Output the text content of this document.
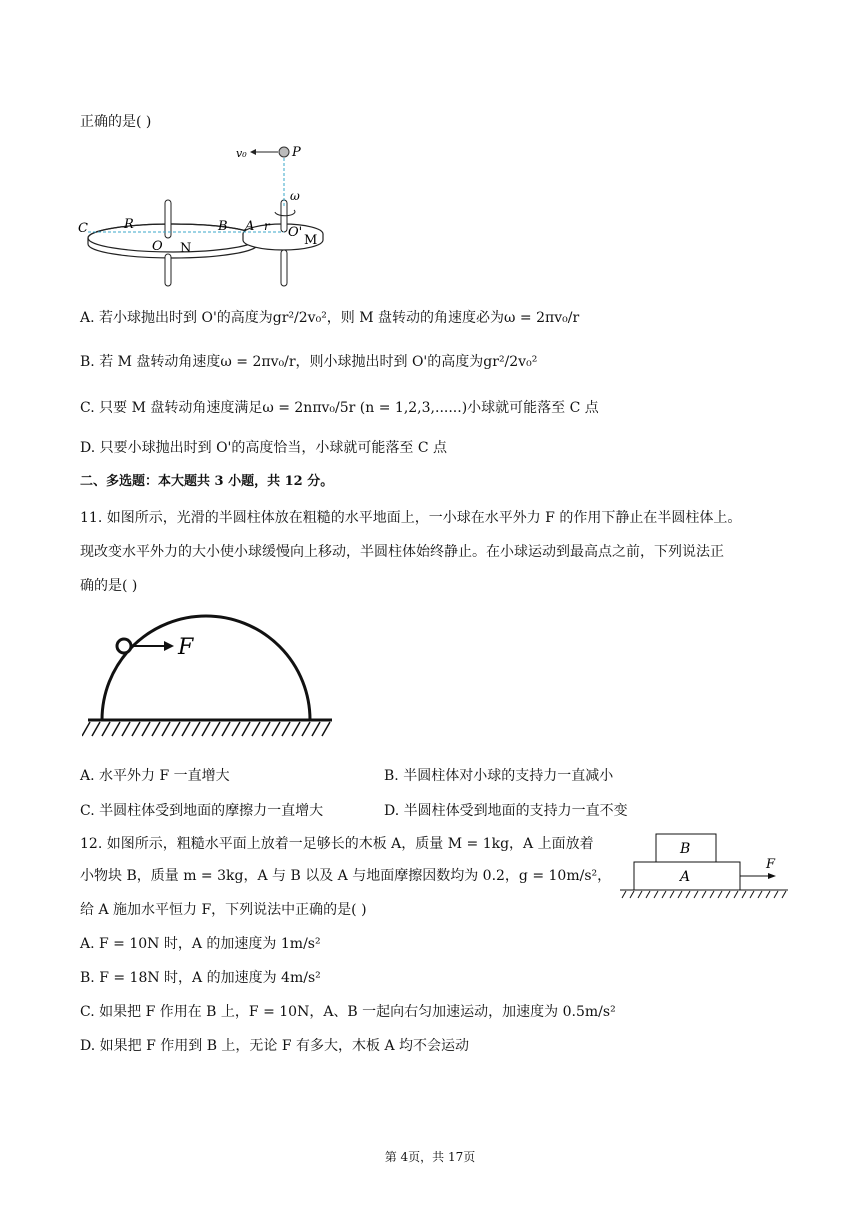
正确的是( )
v₀	P
ω
C	R	B A r
O N
O'
M
A. 若小球抛出时到 O'的高度为gr²/2v₀²，则 M 盘转动的角速度必为ω = 2πv₀/r
B. 若 M 盘转动角速度ω = 2πv₀/r，则小球抛出时到 O'的高度为gr²/2v₀²
C. 只要 M 盘转动角速度满足ω = 2nπv₀/5r (n = 1,2,3,......)小球就可能落至 C 点
D. 只要小球抛出时到 O'的高度恰当，小球就可能落至 C 点
二、多选题：本大题共 3 小题，共 12 分。
11. 如图所示，光滑的半圆柱体放在粗糙的水平地面上，一小球在水平外力 F 的作用下静止在半圆柱体上。
现改变水平外力的大小使小球缓慢向上移动，半圆柱体始终静止。在小球运动到最高点之前，下列说法正
确的是( )
F
A. 水平外力 F 一直增大	B. 半圆柱体对小球的支持力一直减小
C. 半圆柱体受到地面的摩擦力一直增大	D. 半圆柱体受到地面的支持力一直不变
12. 如图所示，粗糙水平面上放着一足够长的木板 A，质量 M = 1kg，A 上面放着
小物块 B，质量 m = 3kg，A 与 B 以及 A 与地面摩擦因数均为 0.2，g = 10m/s²，
给 A 施加水平恒力 F，下列说法中正确的是( )
B
A
F
A. F = 10N 时，A 的加速度为 1m/s²
B. F = 18N 时，A 的加速度为 4m/s²
C. 如果把 F 作用在 B 上，F = 10N，A、B 一起向右匀加速运动，加速度为 0.5m/s²
D. 如果把 F 作用到 B 上，无论 F 有多大，木板 A 均不会运动
第 4页，共 17页
